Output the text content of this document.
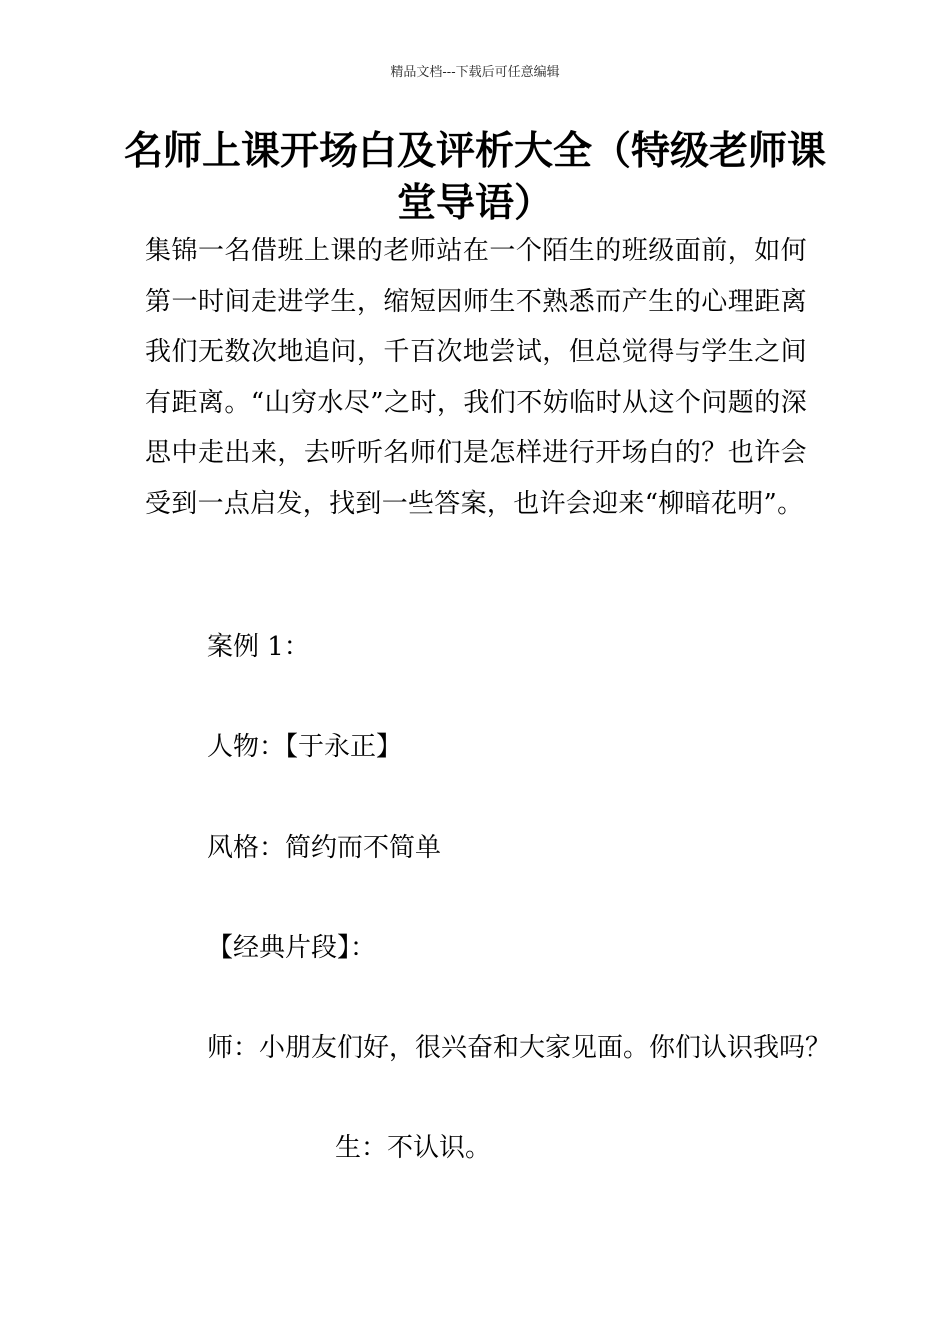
精品文档---下载后可任意编辑
名师上课开场白及评析大全（特级老师课堂导语）

集锦一名借班上课的老师站在一个陌生的班级面前，如何第一时间走进学生，缩短因师生不熟悉而产生的心理距离我们无数次地追问，千百次地尝试，但总觉得与学生之间有距离。“山穷水尽”之时，我们不妨临时从这个问题的深思中走出来，去听听名师们是怎样进行开场白的？也许会受到一点启发，找到一些答案，也许会迎来“柳暗花明”。

案例 1：

人物：【于永正】

风格：简约而不简单

【经典片段】：

师：小朋友们好，很兴奋和大家见面。你们认识我吗？

生：不认识。
